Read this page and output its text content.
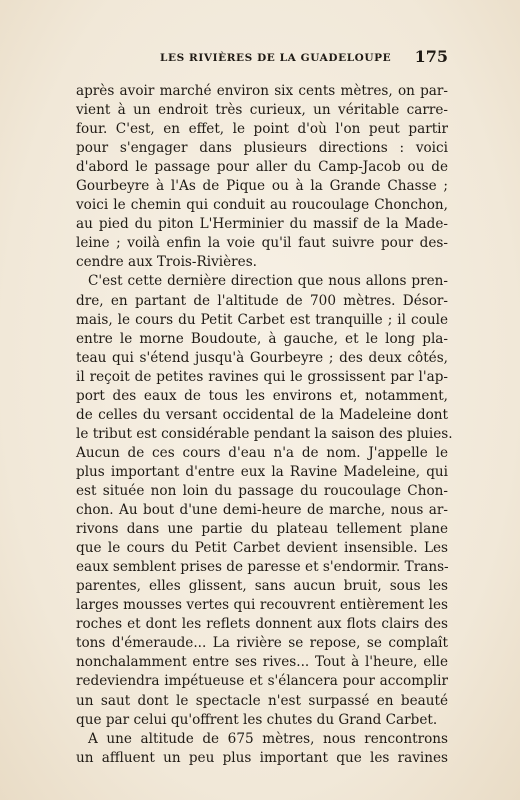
LES RIVIÈRES DE LA GUADELOUPE 175
après avoir marché environ six cents mètres, on par-
vient à un endroit très curieux, un véritable carre-
four. C'est, en effet, le point d'où l'on peut partir
pour s'engager dans plusieurs directions : voici
d'abord le passage pour aller du Camp-Jacob ou de
Gourbeyre à l'As de Pique ou à la Grande Chasse ;
voici le chemin qui conduit au roucoulage Chonchon,
au pied du piton L'Herminier du massif de la Made-
leine ; voilà enfin la voie qu'il faut suivre pour des-
cendre aux Trois-Rivières.
C'est cette dernière direction que nous allons pren-
dre, en partant de l'altitude de 700 mètres. Désor-
mais, le cours du Petit Carbet est tranquille ; il coule
entre le morne Boudoute, à gauche, et le long pla-
teau qui s'étend jusqu'à Gourbeyre ; des deux côtés,
il reçoit de petites ravines qui le grossissent par l'ap-
port des eaux de tous les environs et, notamment,
de celles du versant occidental de la Madeleine dont
le tribut est considérable pendant la saison des pluies.
Aucun de ces cours d'eau n'a de nom. J'appelle le
plus important d'entre eux la Ravine Madeleine, qui
est située non loin du passage du roucoulage Chon-
chon. Au bout d'une demi-heure de marche, nous ar-
rivons dans une partie du plateau tellement plane
que le cours du Petit Carbet devient insensible. Les
eaux semblent prises de paresse et s'endormir. Trans-
parentes, elles glissent, sans aucun bruit, sous les
larges mousses vertes qui recouvrent entièrement les
roches et dont les reflets donnent aux flots clairs des
tons d'émeraude... La rivière se repose, se complaît
nonchalamment entre ses rives... Tout à l'heure, elle
redeviendra impétueuse et s'élancera pour accomplir
un saut dont le spectacle n'est surpassé en beauté
que par celui qu'offrent les chutes du Grand Carbet.
A une altitude de 675 mètres, nous rencontrons
un affluent un peu plus important que les ravines
